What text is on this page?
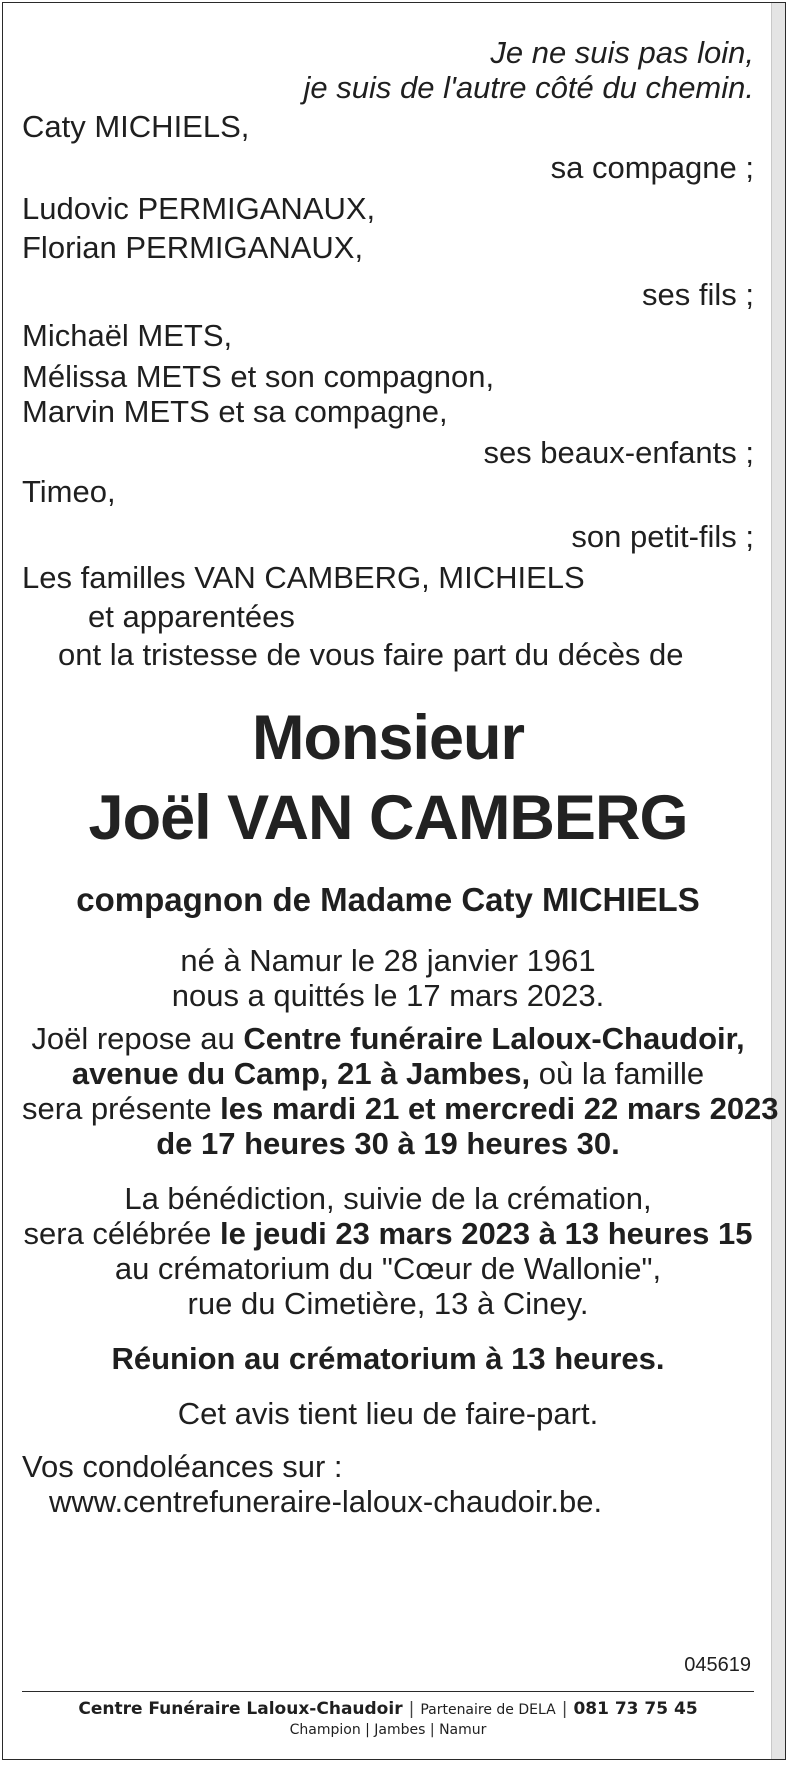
Je ne suis pas loin,
je suis de l'autre côté du chemin.
Caty MICHIELS,
sa compagne ;
Ludovic PERMIGANAUX,
Florian PERMIGANAUX,
ses fils ;
Michaël METS,
Mélissa METS et son compagnon,
Marvin METS et sa compagne,
ses beaux-enfants ;
Timeo,
son petit-fils ;
Les familles VAN CAMBERG, MICHIELS
et apparentées
ont la tristesse de vous faire part du décès de
Monsieur
Joël VAN CAMBERG
compagnon de Madame Caty MICHIELS
né à Namur le 28 janvier 1961
nous a quittés le 17 mars 2023.
Joël repose au Centre funéraire Laloux-Chaudoir,
avenue du Camp, 21 à Jambes, où la famille
sera présente les mardi 21 et mercredi 22 mars 2023
de 17 heures 30 à 19 heures 30.
La bénédiction, suivie de la crémation,
sera célébrée le jeudi 23 mars 2023 à 13 heures 15
au crématorium du "Cœur de Wallonie",
rue du Cimetière, 13 à Ciney.
Réunion au crématorium à 13 heures.
Cet avis tient lieu de faire-part.
Vos condoléances sur :
www.centrefuneraire-laloux-chaudoir.be.
045619
Centre Funéraire Laloux-Chaudoir | Partenaire de DELA | 081 73 75 45
Champion | Jambes | Namur
